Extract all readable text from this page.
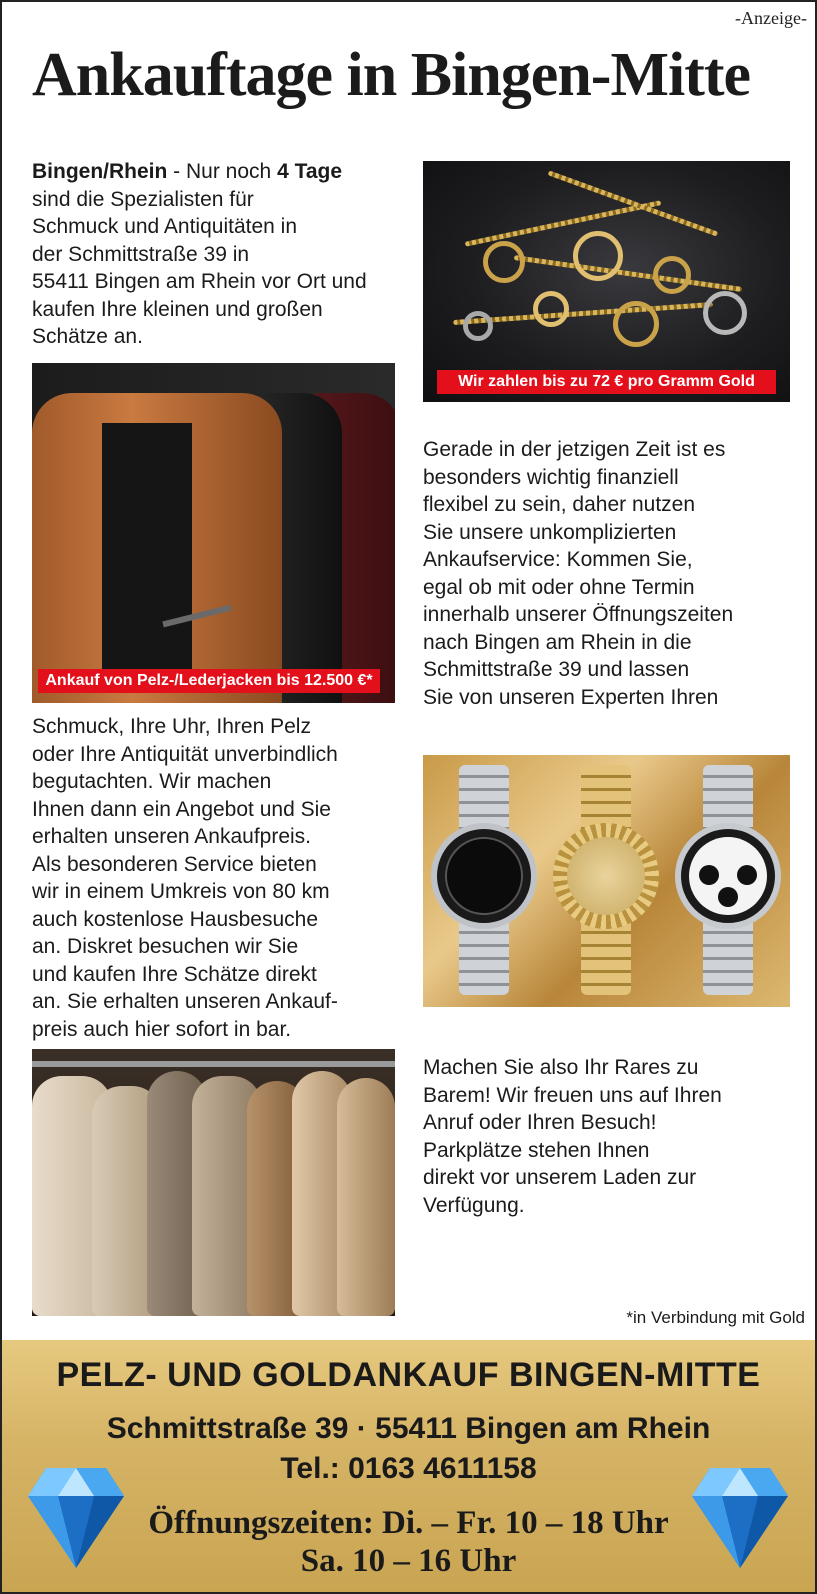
-Anzeige-
Ankauftage in Bingen-Mitte
Bingen/Rhein - Nur noch 4 Tage
sind die Spezialisten für
Schmuck und Antiquitäten in
der Schmittstraße 39 in
55411 Bingen am Rhein vor Ort und
kaufen Ihre kleinen und großen
Schätze an.
Wir zahlen bis zu 72 € pro Gramm Gold
Ankauf von Pelz-/Lederjacken bis 12.500 €*
Gerade in der jetzigen Zeit ist es
besonders wichtig finanziell
flexibel zu sein, daher nutzen
Sie unsere unkomplizierten
Ankaufservice: Kommen Sie,
egal ob mit oder ohne Termin
innerhalb unserer Öffnungszeiten
nach Bingen am Rhein in die
Schmittstraße 39 und lassen
Sie von unseren Experten Ihren
Schmuck, Ihre Uhr, Ihren Pelz
oder Ihre Antiquität unverbindlich
begutachten. Wir machen
Ihnen dann ein Angebot und Sie
erhalten unseren Ankaufpreis.
Als besonderen Service bieten
wir in einem Umkreis von 80 km
auch kostenlose Hausbesuche
an. Diskret besuchen wir Sie
und kaufen Ihre Schätze direkt
an. Sie erhalten unseren Ankauf-
preis auch hier sofort in bar.
Machen Sie also Ihr Rares zu
Barem! Wir freuen uns auf Ihren
Anruf oder Ihren Besuch!
Parkplätze stehen Ihnen
direkt vor unserem Laden zur
Verfügung.
*in Verbindung mit Gold
PELZ- UND GOLDANKAUF BINGEN-MITTE
Schmittstraße 39 · 55411 Bingen am Rhein
Tel.: 0163 4611158
Öffnungszeiten: Di. – Fr. 10 – 18 Uhr
Sa. 10 – 16 Uhr
